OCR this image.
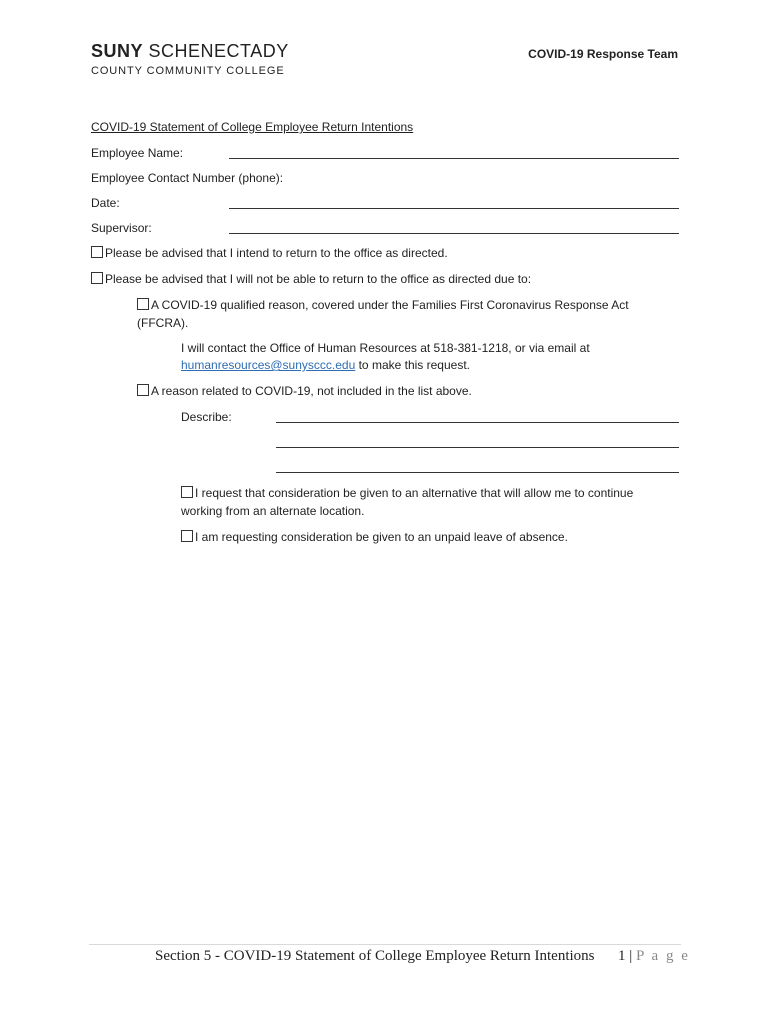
SUNY SCHENECTADY
COUNTY COMMUNITY COLLEGE
COVID-19 Response Team
COVID-19 Statement of College Employee Return Intentions
Employee Name:
Employee Contact Number (phone):
Date:
Supervisor:
Please be advised that I intend to return to the office as directed.
Please be advised that I will not be able to return to the office as directed due to:
A COVID-19 qualified reason, covered under the Families First Coronavirus Response Act
(FFCRA).
I will contact the Office of Human Resources at 518-381-1218, or via email at
humanresources@sunysccc.edu to make this request.
A reason related to COVID-19, not included in the list above.
Describe:
I request that consideration be given to an alternative that will allow me to continue
working from an alternate location.
I am requesting consideration be given to an unpaid leave of absence.
Section 5 - COVID-19 Statement of College Employee Return Intentions 1 | P a g e
